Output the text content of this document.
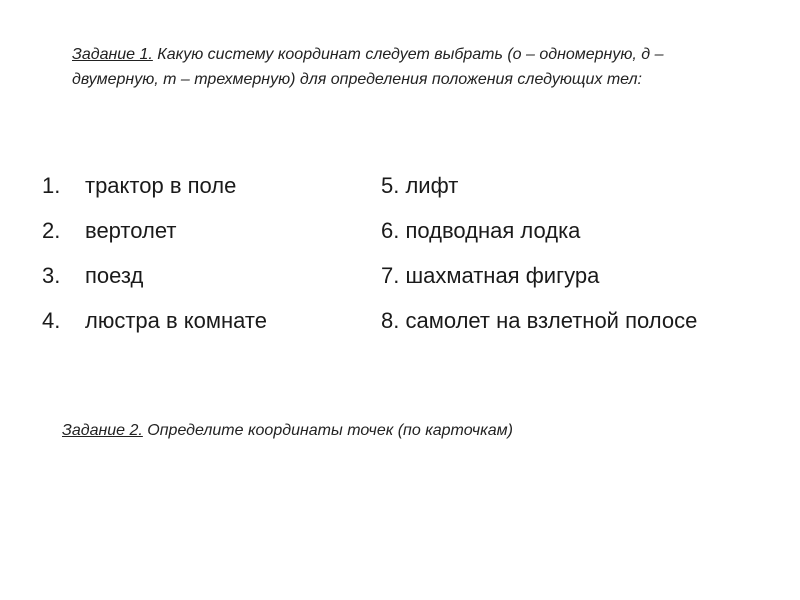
Задание 1. Какую систему координат следует выбрать (о – одномерную, д – двумерную, т – трехмерную) для определения положения следующих тел:
1. трактор в поле
2. вертолет
3. поезд
4. люстра в комнате
5. лифт
6. подводная лодка
7. шахматная фигура
8. самолет на взлетной полосе
Задание 2. Определите координаты точек (по карточкам)
